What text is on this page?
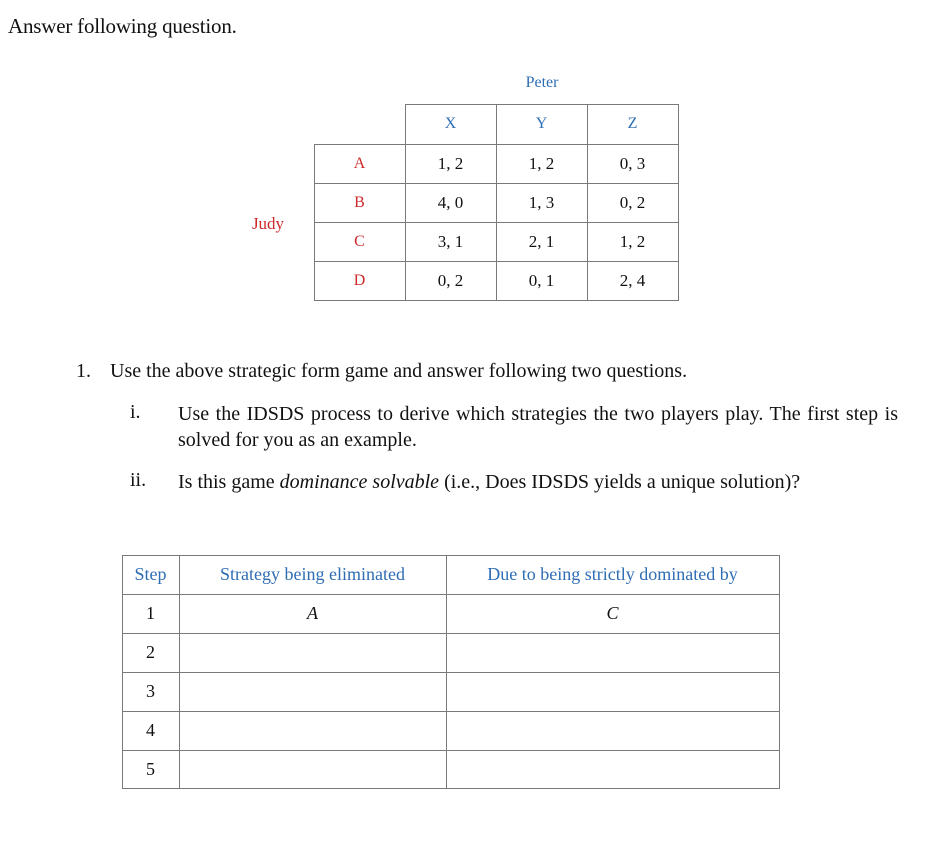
Answer following question.
Peter
Judy
X	Y	Z
A	1, 2	1, 2	0, 3
B	4, 0	1, 3	0, 2
C	3, 1	2, 1	1, 2
D	0, 2	0, 1	2, 4
1. Use the above strategic form game and answer following two questions.
i. Use the IDSDS process to derive which strategies the two players play. The first step is solved for you as an example.
ii. Is this game dominance solvable (i.e., Does IDSDS yields a unique solution)?
Step	Strategy being eliminated	Due to being strictly dominated by
1	A	C
2
3
4
5
